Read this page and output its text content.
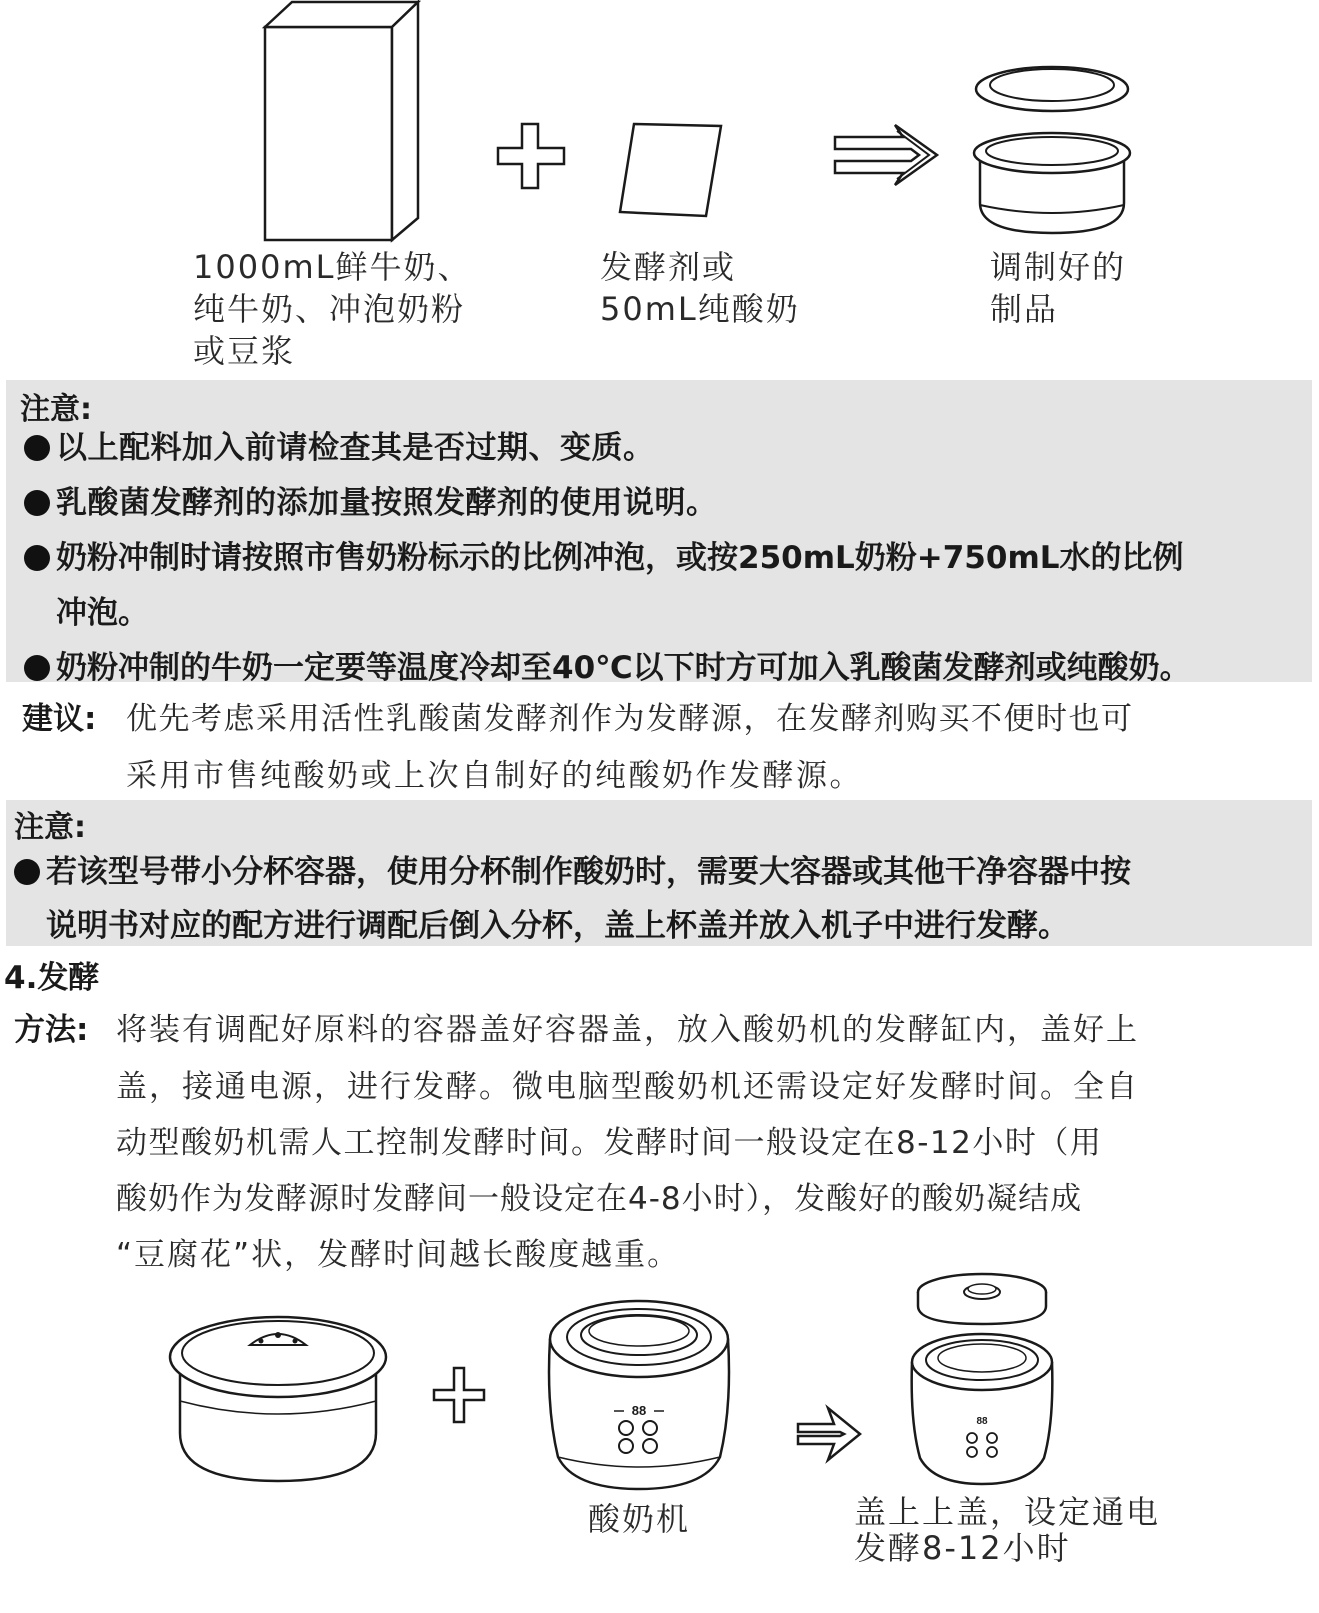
1000mL鲜牛奶、
纯牛奶、冲泡奶粉
或豆浆
发酵剂或
50mL纯酸奶
调制好的
制品
注意:
以上配料加入前请检查其是否过期、变质。
乳酸菌发酵剂的添加量按照发酵剂的使用说明。
奶粉冲制时请按照市售奶粉标示的比例冲泡，或按250mL奶粉+750mL水的比例
冲泡。
奶粉冲制的牛奶一定要等温度冷却至40℃以下时方可加入乳酸菌发酵剂或纯酸奶。
建议: 优先考虑采用活性乳酸菌发酵剂作为发酵源，在发酵剂购买不便时也可
采用市售纯酸奶或上次自制好的纯酸奶作发酵源。
注意:
若该型号带小分杯容器，使用分杯制作酸奶时，需要大容器或其他干净容器中按
说明书对应的配方进行调配后倒入分杯，盖上杯盖并放入机子中进行发酵。
4.发酵
方法: 将装有调配好原料的容器盖好容器盖，放入酸奶机的发酵缸内，盖好上
盖，接通电源，进行发酵。微电脑型酸奶机还需设定好发酵时间。全自
动型酸奶机需人工控制发酵时间。发酵时间一般设定在8-12小时（用
酸奶作为发酵源时发酵间一般设定在4-8小时），发酸好的酸奶凝结成
“豆腐花”状，发酵时间越长酸度越重。
88
88
酸奶机	盖上上盖，设定通电
发酵8-12小时
